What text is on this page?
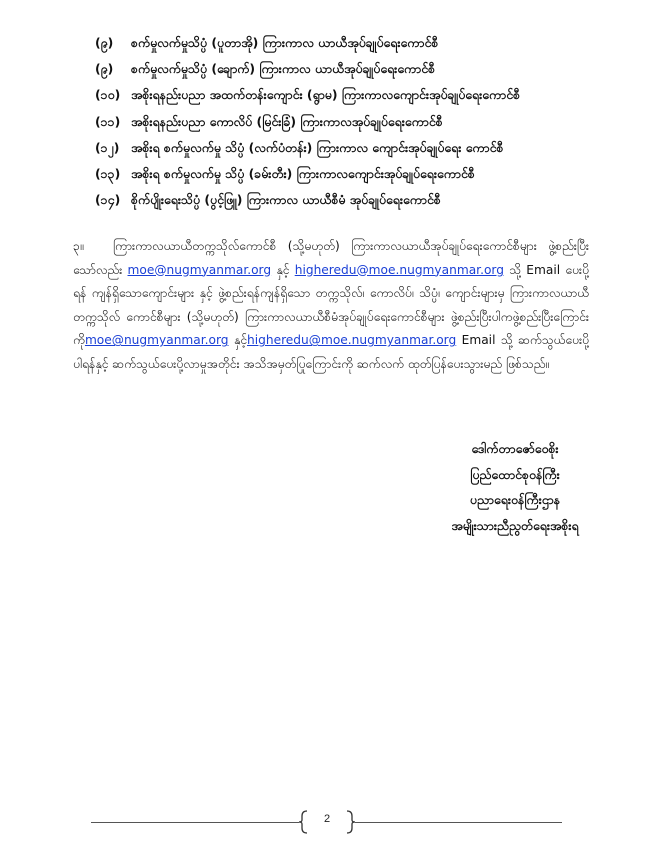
(၉)	စက်မှုလက်မှုသိပ္ပံ (ပူတာအို) ကြားကာလ ယာယီအုပ်ချုပ်ရေးကောင်စီ
(၉)	စက်မှုလက်မှုသိပ္ပံ (ချောက်) ကြားကာလ ယာယီအုပ်ချုပ်ရေးကောင်စီ
(၁၀) အစိုးရနည်းပညာ အထက်တန်းကျောင်း (ရွာမ) ကြားကာလကျောင်းအုပ်ချုပ်ရေးကောင်စီ
(၁၁) အစိုးရနည်းပညာ ကောလိပ် (မြင်းခြံ) ကြားကာလအုပ်ချုပ်ရေးကောင်စီ
(၁၂) အစိုးရ စက်မှုလက်မှု သိပ္ပံ (လက်ပံတန်း) ကြားကာလ ကျောင်းအုပ်ချုပ်ရေး ကောင်စီ
(၁၃) အစိုးရ စက်မှုလက်မှု သိပ္ပံ (ခမ်းတီး) ကြားကာလကျောင်းအုပ်ချုပ်ရေးကောင်စီ
(၁၄) စိုက်ပျိုးရေးသိပ္ပံ (ပွင့်ဖြူ) ကြားကာလ ယာယီစီမံ အုပ်ချုပ်ရေးကောင်စီ
၃။ ကြားကာလယာယီတက္ကသိုလ်ကောင်စီ (သို့မဟုတ်) ကြားကာလယာယီအုပ်ချုပ်ရေးကောင်စီများ ဖွဲ့စည်းပြီးသော်လည်း moe@nugmyanmar.org နှင့် higheredu@moe.nugmyanmar.org သို့ Email ပေးပို့ရန် ကျန်ရှိသောကျောင်းများ နှင့် ဖွဲ့စည်းရန်ကျန်ရှိသော တက္ကသိုလ်၊ ကောလိပ်၊ သိပ္ပံ၊ ကျောင်းများမှ ကြားကာလယာယီတက္ကသိုလ် ကောင်စီများ (သို့မဟုတ်) ကြားကာလယာယီစီမံအုပ်ချုပ်ရေးကောင်စီများ ဖွဲ့စည်းပြီးပါကဖွဲ့စည်းပြီးကြောင်းကိုmoe@nugmyanmar.org နှင့်higheredu@moe.nugmyanmar.org Email သို့ ဆက်သွယ်ပေးပို့ပါရန်နှင့် ဆက်သွယ်ပေးပို့လာမှုအတိုင်း အသိအမှတ်ပြုကြောင်းကို ဆက်လက် ထုတ်ပြန်ပေးသွားမည် ဖြစ်သည်။
ဒေါက်တာဇော်ဝေစိုး
ပြည်ထောင်စုဝန်ကြီး
ပညာရေးဝန်ကြီးဌာန
အမျိုးသားညီညွတ်ရေးအစိုးရ
2
